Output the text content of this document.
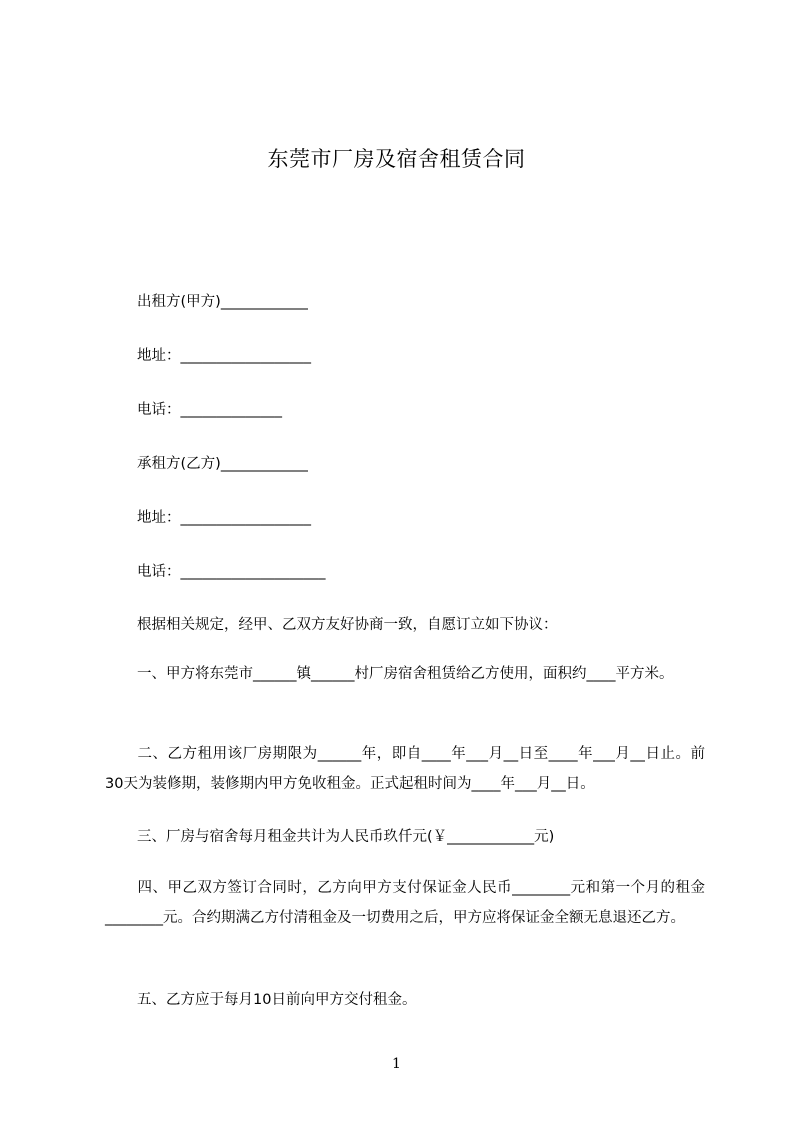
东莞市厂房及宿舍租赁合同
出租方(甲方)____________
地址：__________________
电话：______________
承租方(乙方)____________
地址：__________________
电话：____________________
根据相关规定，经甲、乙双方友好协商一致，自愿订立如下协议：
一、甲方将东莞市______镇______村厂房宿舍租赁给乙方使用，面积约____平方米。
二、乙方租用该厂房期限为______年，即自____年___月__日至____年___月__日止。前30天为装修期，装修期内甲方免收租金。正式起租时间为____年___月__日。
三、厂房与宿舍每月租金共计为人民币玖仟元(￥____________元)
四、甲乙双方签订合同时，乙方向甲方支付保证金人民币________元和第一个月的租金________元。合约期满乙方付清租金及一切费用之后，甲方应将保证金全额无息退还乙方。
五、乙方应于每月10日前向甲方交付租金。
1
